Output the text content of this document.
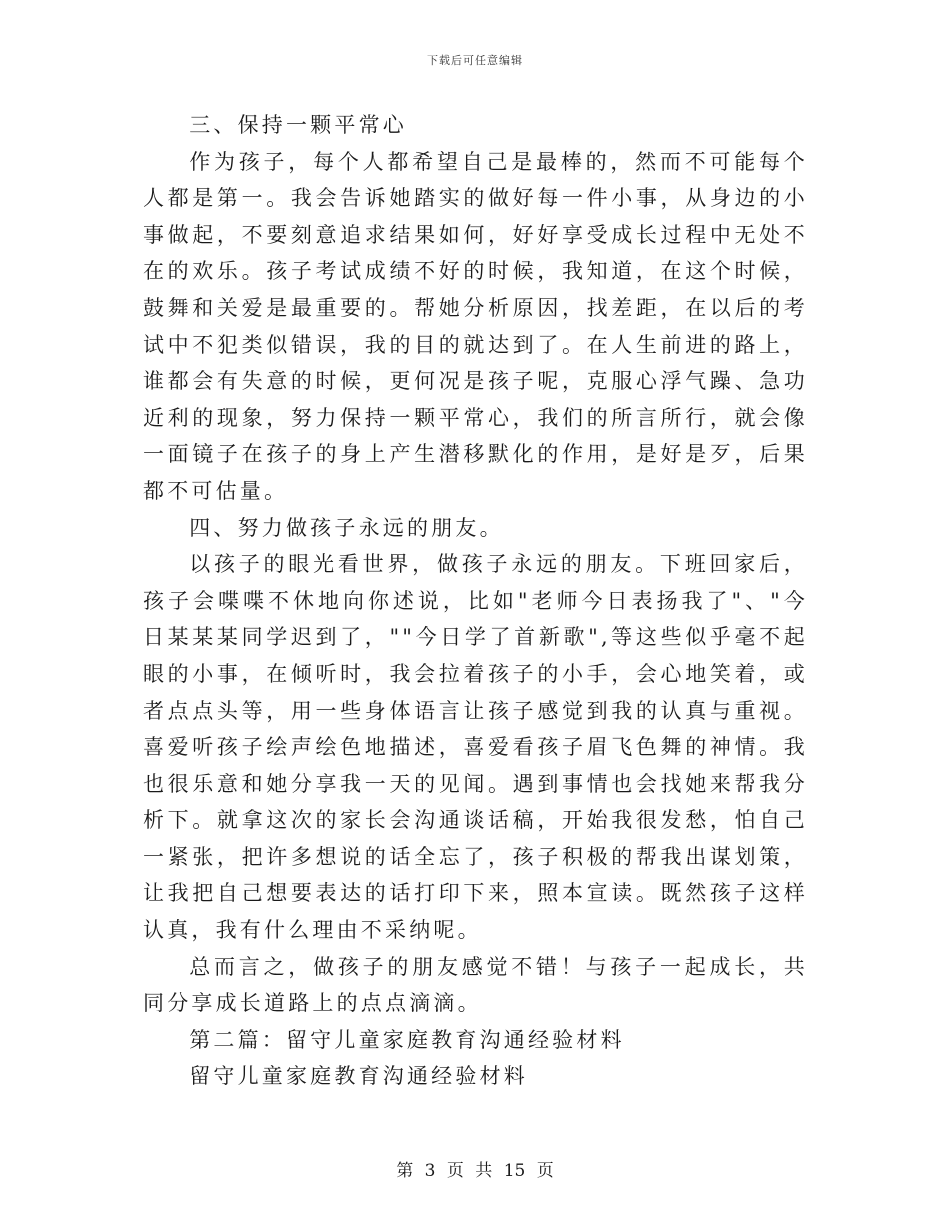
下载后可任意编辑

三、保持一颗平常心

作为孩子，每个人都希望自己是最棒的，然而不可能每个人都是第一。我会告诉她踏实的做好每一件小事，从身边的小事做起，不要刻意追求结果如何，好好享受成长过程中无处不在的欢乐。孩子考试成绩不好的时候，我知道，在这个时候，鼓舞和关爱是最重要的。帮她分析原因，找差距，在以后的考试中不犯类似错误，我的目的就达到了。在人生前进的路上，谁都会有失意的时候，更何况是孩子呢，克服心浮气躁、急功近利的现象，努力保持一颗平常心，我们的所言所行，就会像一面镜子在孩子的身上产生潜移默化的作用，是好是歹，后果都不可估量。

四、努力做孩子永远的朋友。

以孩子的眼光看世界，做孩子永远的朋友。下班回家后，孩子会喋喋不休地向你述说，比如"老师今日表扬我了"、"今日某某某同学迟到了，""今日学了首新歌",等这些似乎毫不起眼的小事，在倾听时，我会拉着孩子的小手，会心地笑着，或者点点头等，用一些身体语言让孩子感觉到我的认真与重视。喜爱听孩子绘声绘色地描述，喜爱看孩子眉飞色舞的神情。我也很乐意和她分享我一天的见闻。遇到事情也会找她来帮我分析下。就拿这次的家长会沟通谈话稿，开始我很发愁，怕自己一紧张，把许多想说的话全忘了，孩子积极的帮我出谋划策，让我把自己想要表达的话打印下来，照本宣读。既然孩子这样认真，我有什么理由不采纳呢。

总而言之，做孩子的朋友感觉不错！与孩子一起成长，共同分享成长道路上的点点滴滴。

第二篇：留守儿童家庭教育沟通经验材料

留守儿童家庭教育沟通经验材料

第 3 页 共 15 页
